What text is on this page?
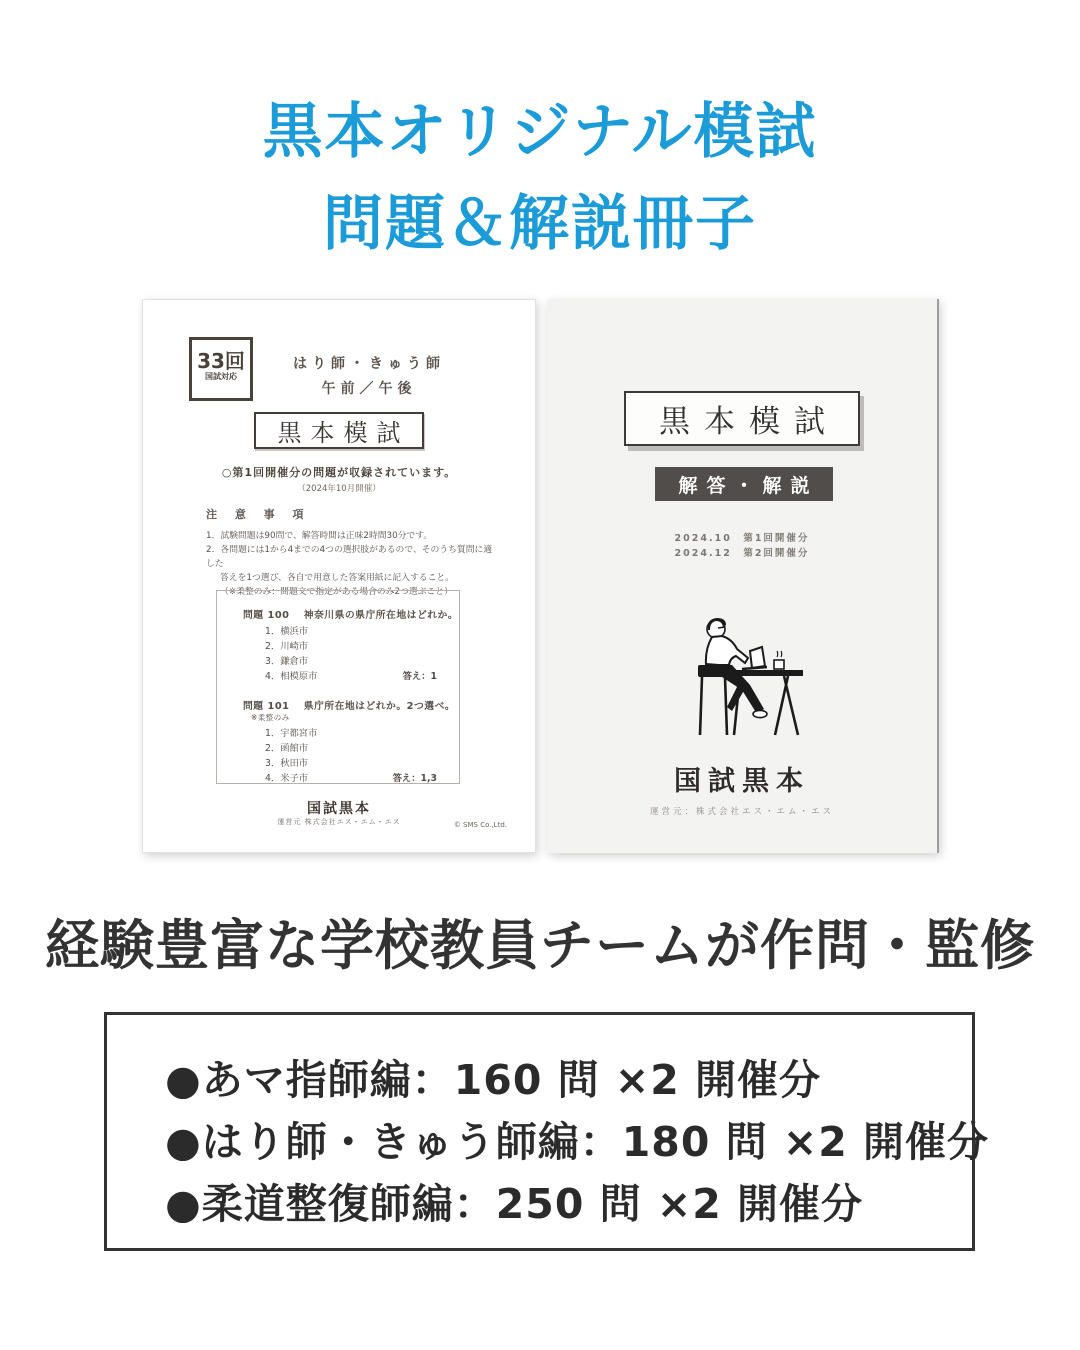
黒本オリジナル模試
問題＆解説冊子
33回
国試対応
はり師・きゅう師
午前／午後
黒本模試
○第1回開催分の問題が収録されています。
（2024年10月開催）
注 意 事 項
1．試験問題は90問で、解答時間は正味2時間30分です。
2．各問題には1から4までの4つの選択肢があるので、そのうち質問に適した
答えを1つ選び、各自で用意した答案用紙に記入すること。
（※柔整のみ：問題文で指定がある場合のみ2つ選ぶこと）
問題 100 　 神奈川県の県庁所在地はどれか。
1．横浜市
2．川崎市
3．鎌倉市
4．相模原市	答え：1
問題 101 　 県庁所在地はどれか。2つ選べ。 ※柔整のみ
1．宇都宮市
2．函館市
3．秋田市
4．米子市	答え：1,3
国試黒本
運営元 株式会社エス・エム・エス	© SMS Co.,Ltd.
黒本模試
解答・解説
2024.10　第1回開催分
2024.12　第2回開催分
国試黒本
運営元：株式会社エス・エム・エス
経験豊富な学校教員チームが作問・監修
●あマ指師編：160 問 ×2 開催分
●はり師・きゅう師編：180 問 ×2 開催分
●柔道整復師編：250 問 ×2 開催分
